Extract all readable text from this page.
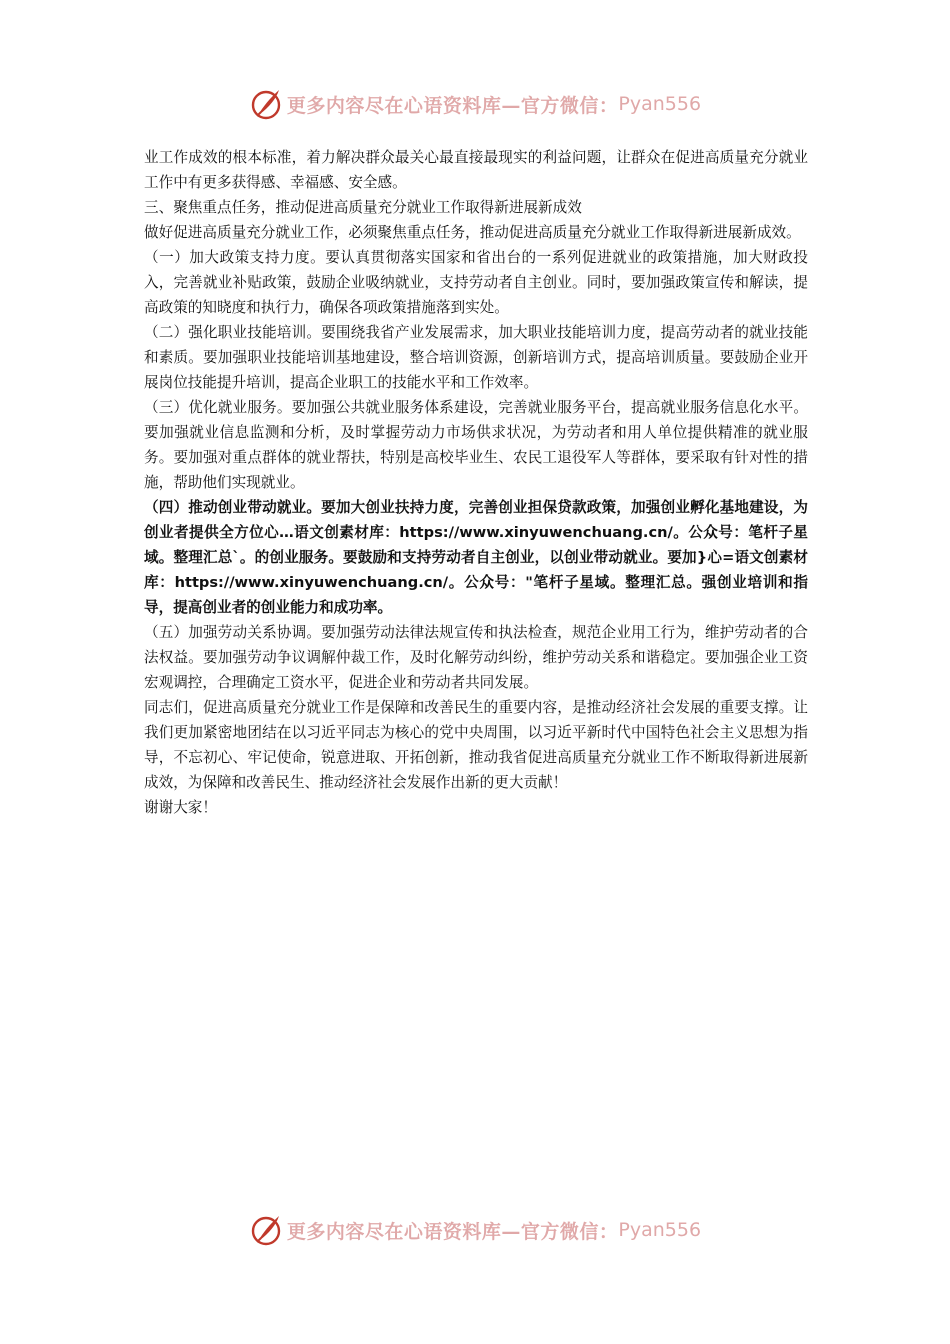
更多内容尽在心语资料库—官方微信： Pyan556

业工作成效的根本标准，着力解决群众最关心最直接最现实的利益问题，让群众在促进高质量充分就业工作中有更多获得感、幸福感、安全感。

三、聚焦重点任务，推动促进高质量充分就业工作取得新进展新成效

做好促进高质量充分就业工作，必须聚焦重点任务，推动促进高质量充分就业工作取得新进展新成效。

（一）加大政策支持力度。要认真贯彻落实国家和省出台的一系列促进就业的政策措施，加大财政投入，完善就业补贴政策，鼓励企业吸纳就业，支持劳动者自主创业。同时，要加强政策宣传和解读，提高政策的知晓度和执行力，确保各项政策措施落到实处。

（二）强化职业技能培训。要围绕我省产业发展需求，加大职业技能培训力度，提高劳动者的就业技能和素质。要加强职业技能培训基地建设，整合培训资源，创新培训方式，提高培训质量。要鼓励企业开展岗位技能提升培训，提高企业职工的技能水平和工作效率。

（三）优化就业服务。要加强公共就业服务体系建设，完善就业服务平台，提高就业服务信息化水平。要加强就业信息监测和分析，及时掌握劳动力市场供求状况，为劳动者和用人单位提供精准的就业服务。要加强对重点群体的就业帮扶，特别是高校毕业生、农民工退役军人等群体，要采取有针对性的措施，帮助他们实现就业。

（四）推动创业带动就业。要加大创业扶持力度，完善创业担保贷款政策，加强创业孵化基地建设，为创业者提供全方位心…语文创素材库：https://www.xinyuwenchuang.cn/。公众号：笔杆子星域。整理汇总`。的创业服务。要鼓励和支持劳动者自主创业，以创业带动就业。要加}心=语文创素材库：https://www.xinyuwenchuang.cn/。公众号："笔杆子星域。整理汇总。强创业培训和指导，提高创业者的创业能力和成功率。

（五）加强劳动关系协调。要加强劳动法律法规宣传和执法检查，规范企业用工行为，维护劳动者的合法权益。要加强劳动争议调解仲裁工作，及时化解劳动纠纷，维护劳动关系和谐稳定。要加强企业工资宏观调控，合理确定工资水平，促进企业和劳动者共同发展。

同志们，促进高质量充分就业工作是保障和改善民生的重要内容，是推动经济社会发展的重要支撑。让我们更加紧密地团结在以习近平同志为核心的党中央周围，以习近平新时代中国特色社会主义思想为指导，不忘初心、牢记使命，锐意进取、开拓创新，推动我省促进高质量充分就业工作不断取得新进展新成效，为保障和改善民生、推动经济社会发展作出新的更大贡献！

谢谢大家！

更多内容尽在心语资料库—官方微信： Pyan556
